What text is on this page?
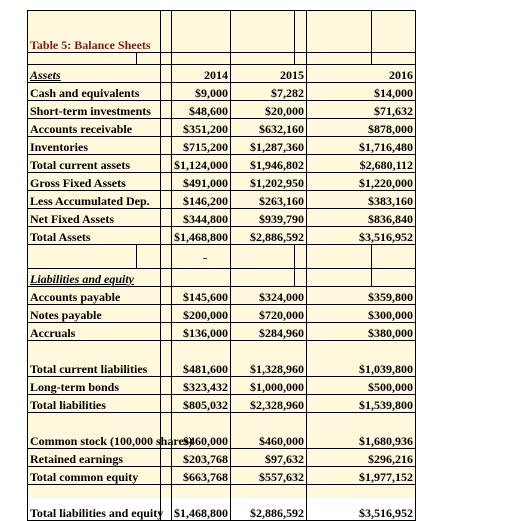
Table 5: Balance Sheets							

Assets			2014	2015		2016	
Cash and equivalents			$9,000	$7,282		$14,000	
Short-term investments			$48,600	$20,000		$71,632	
Accounts receivable			$351,200	$632,160		$878,000	
Inventories			$715,200	$1,287,360		$1,716,480	
Total current assets			$1,124,000	$1,946,802		$2,680,112	
Gross Fixed Assets			$491,000	$1,202,950		$1,220,000	
Less Accumulated Dep.			$146,200	$263,160		$383,160	
Net Fixed Assets			$344,800	$939,790		$836,840	
Total Assets			$1,468,800	$2,886,592		$3,516,952	

Liabilities and equity							
Accounts payable			$145,600	$324,000		$359,800	
Notes payable			$200,000	$720,000		$300,000	
Accruals			$136,000	$284,960		$380,000	
Total current liabilities			$481,600	$1,328,960		$1,039,800	
Long-term bonds			$323,432	$1,000,000		$500,000	
Total liabilities			$805,032	$2,328,960		$1,539,800	
Common stock (100,000 shares)			$460,000	$460,000		$1,680,936	
Retained earnings			$203,768	$97,632		$296,216	
Total common equity			$663,768	$557,632		$1,977,152	
Total liabilities and equity			$1,468,800	$2,886,592		$3,516,952	
